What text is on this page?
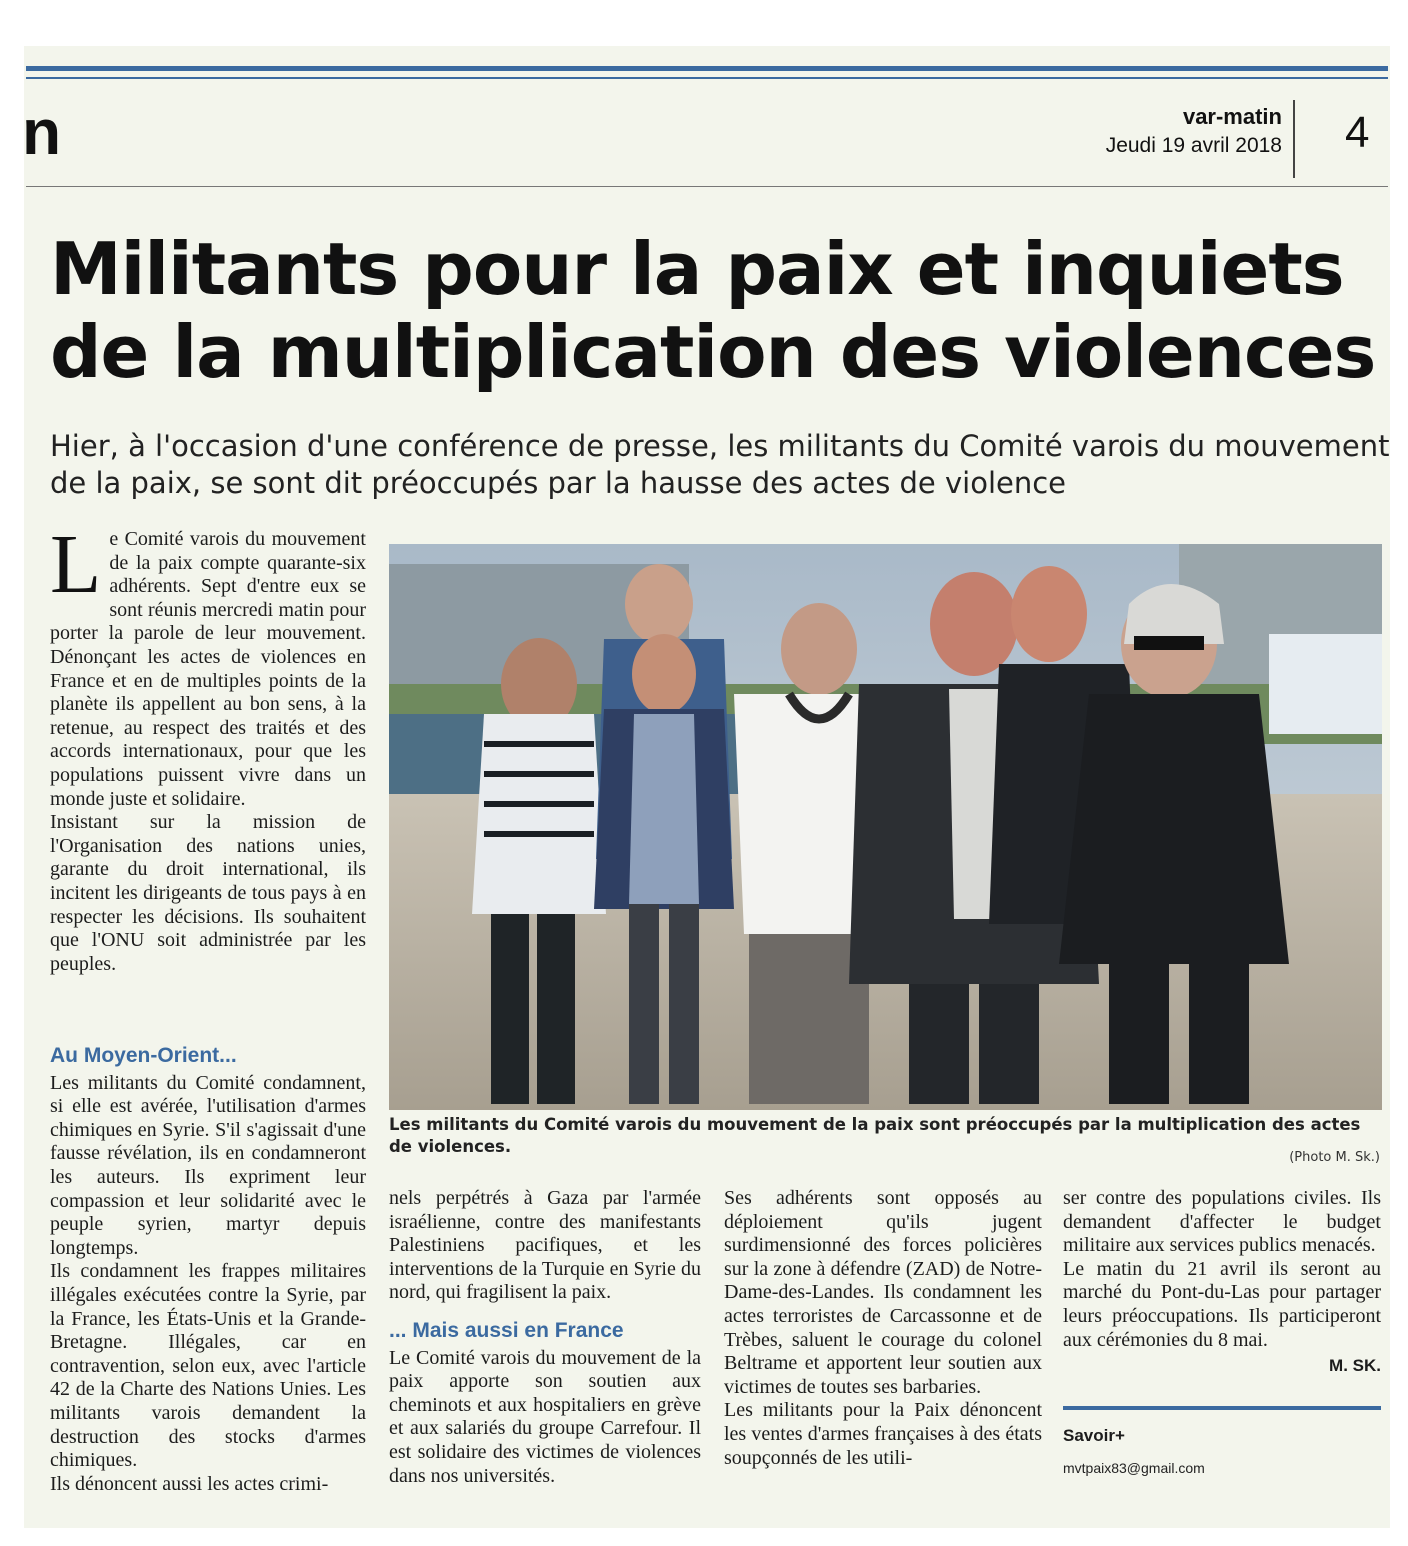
n	var-matin
Jeudi 19 avril 2018 4
Militants pour la paix et inquiets de la multiplication des violences
Hier, à l'occasion d'une conférence de presse, les militants du Comité varois du mouvement de la paix, se sont dit préoccupés par la hausse des actes de violence
L e Comité varois du mouvement de la paix compte quarante-six adhérents. Sept d'entre eux se sont réunis mercredi matin pour porter la parole de leur mouvement. Dénonçant les actes de violences en France et en de multiples points de la planète ils appellent au bon sens, à la retenue, au respect des traités et des accords internationaux, pour que les populations puissent vivre dans un monde juste et solidaire.
Insistant sur la mission de l'Organisation des nations unies, garante du droit international, ils incitent les dirigeants de tous pays à en respecter les décisions. Ils souhaitent que l'ONU soit administrée par les peuples.
Au Moyen-Orient...
Les militants du Comité condamnent, si elle est avérée, l'utilisation d'armes chimiques en Syrie. S'il s'agissait d'une fausse révélation, ils en condamneront les auteurs. Ils expriment leur compassion et leur solidarité avec le peuple syrien, martyr depuis longtemps.
Ils condamnent les frappes militaires illégales exécutées contre la Syrie, par la France, les États-Unis et la Grande-Bretagne. Illégales, car en contravention, selon eux, avec l'article 42 de la Charte des Nations Unies. Les militants varois demandent la destruction des stocks d'armes chimiques.
Ils dénoncent aussi les actes crimi-
Les militants du Comité varois du mouvement de la paix sont préoccupés par la multiplication des actes de violences.
(Photo M. Sk.)
nels perpétrés à Gaza par l'armée israélienne, contre des manifestants Palestiniens pacifiques, et les interventions de la Turquie en Syrie du nord, qui fragilisent la paix.
... Mais aussi en France
Le Comité varois du mouvement de la paix apporte son soutien aux cheminots et aux hospitaliers en grève et aux salariés du groupe Carrefour. Il est solidaire des victimes de violences dans nos universités.
Ses adhérents sont opposés au déploiement qu'ils jugent surdimensionné des forces policières sur la zone à défendre (ZAD) de Notre-Dame-des-Landes. Ils condamnent les actes terroristes de Carcassonne et de Trèbes, saluent le courage du colonel Beltrame et apportent leur soutien aux victimes de toutes ses barbaries.
Les militants pour la Paix dénoncent les ventes d'armes françaises à des états soupçonnés de les utili-
ser contre des populations civiles. Ils demandent d'affecter le budget militaire aux services publics menacés.
Le matin du 21 avril ils seront au marché du Pont-du-Las pour partager leurs préoccupations. Ils participeront aux cérémonies du 8 mai.
M. SK.
Savoir+
mvtpaix83@gmail.com
